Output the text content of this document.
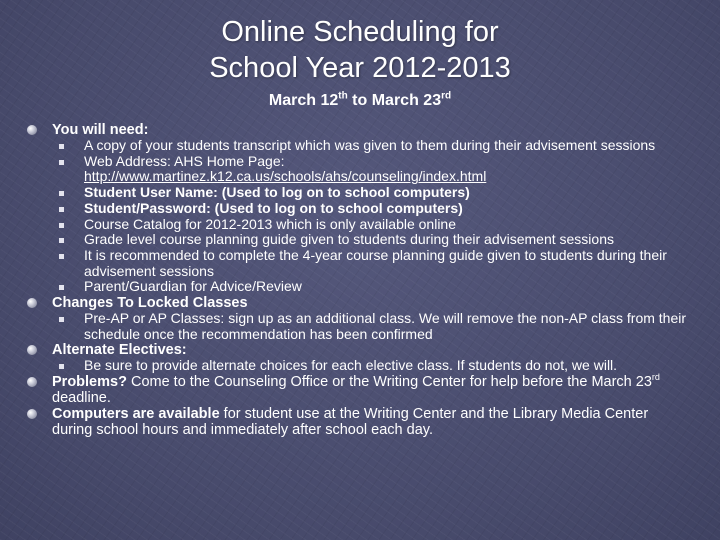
Online Scheduling for
School Year 2012-2013
March 12th to March 23rd
You will need:
A copy of your students transcript which was given to them during their advisement sessions
Web Address: AHS Home Page:
http://www.martinez.k12.ca.us/schools/ahs/counseling/index.html
Student User Name: (Used to log on to school computers)
Student/Password: (Used to log on to school computers)
Course Catalog for 2012-2013 which is only available online
Grade level course planning guide given to students during their advisement sessions
It is recommended to complete the 4-year course planning guide given to students during their advisement sessions
Parent/Guardian for Advice/Review
Changes To Locked Classes
Pre-AP or AP Classes: sign up as an additional class. We will remove the non-AP class from their schedule once the recommendation has been confirmed
Alternate Electives:
Be sure to provide alternate choices for each elective class. If students do not, we will.
Problems? Come to the Counseling Office or the Writing Center for help before the March 23rd deadline.
Computers are available for student use at the Writing Center and the Library Media Center during school hours and immediately after school each day.
